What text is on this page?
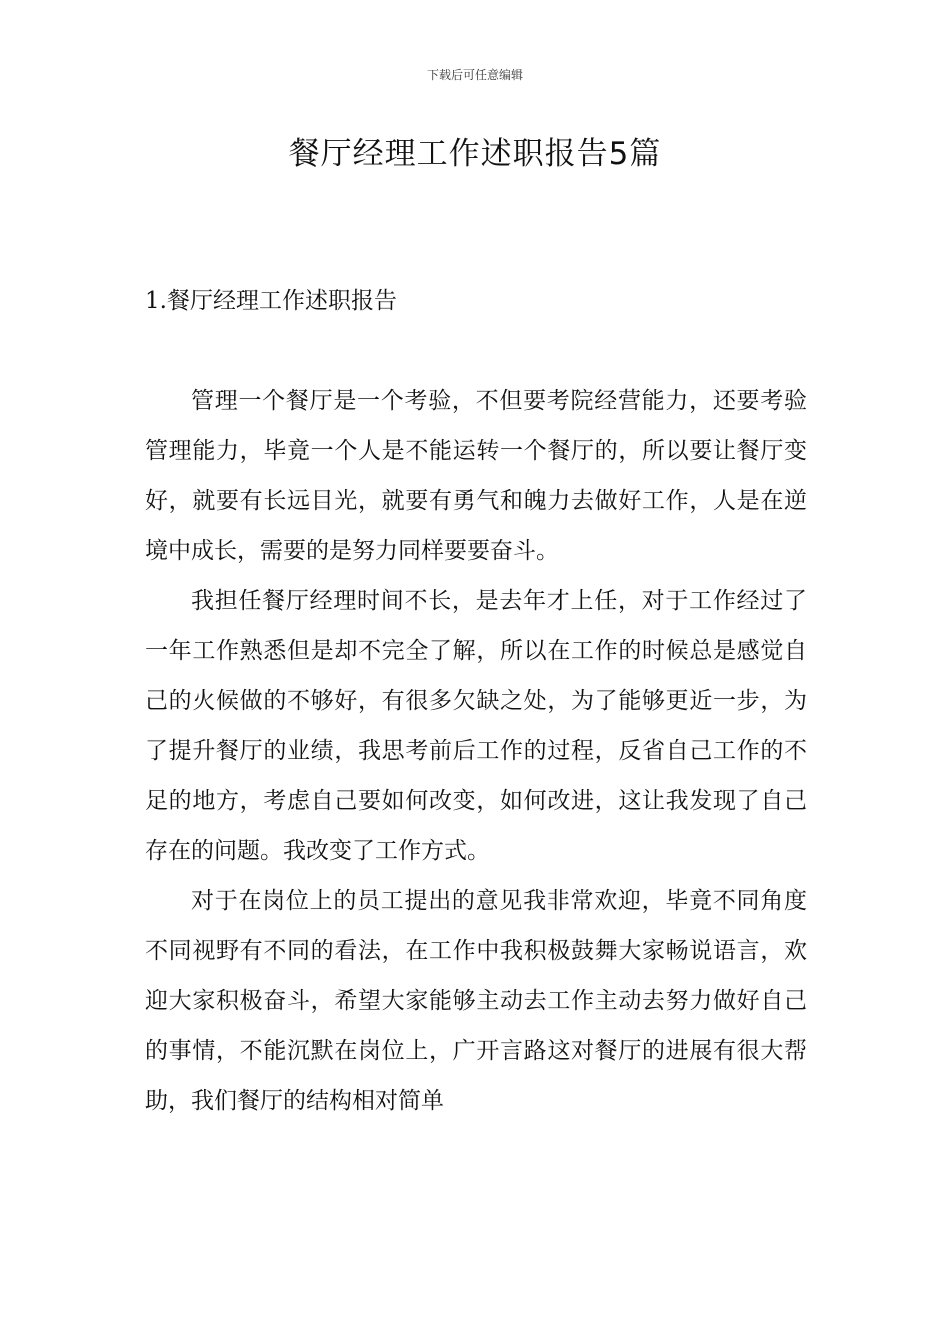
下载后可任意编辑
餐厅经理工作述职报告5篇
1.餐厅经理工作述职报告

管理一个餐厅是一个考验，不但要考院经营能力，还要考验管理能力，毕竟一个人是不能运转一个餐厅的，所以要让餐厅变好，就要有长远目光，就要有勇气和魄力去做好工作，人是在逆境中成长，需要的是努力同样要要奋斗。

我担任餐厅经理时间不长，是去年才上任，对于工作经过了一年工作熟悉但是却不完全了解，所以在工作的时候总是感觉自己的火候做的不够好，有很多欠缺之处，为了能够更近一步，为了提升餐厅的业绩，我思考前后工作的过程，反省自己工作的不足的地方，考虑自己要如何改变，如何改进，这让我发现了自己存在的问题。我改变了工作方式。

对于在岗位上的员工提出的意见我非常欢迎，毕竟不同角度不同视野有不同的看法，在工作中我积极鼓舞大家畅说语言，欢迎大家积极奋斗，希望大家能够主动去工作主动去努力做好自己的事情，不能沉默在岗位上，广开言路这对餐厅的进展有很大帮助，我们餐厅的结构相对简单
